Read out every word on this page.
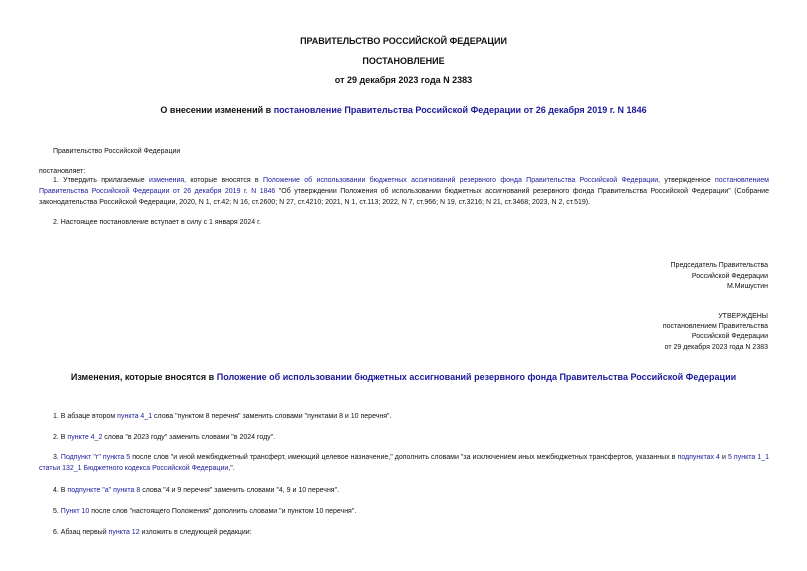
ПРАВИТЕЛЬСТВО РОССИЙСКОЙ ФЕДЕРАЦИИ
ПОСТАНОВЛЕНИЕ
от 29 декабря 2023 года N 2383
О внесении изменений в постановление Правительства Российской Федерации от 26 декабря 2019 г. N 1846
Правительство Российской Федерации
постановляет:
1. Утвердить прилагаемые изменения, которые вносятся в Положение об использовании бюджетных ассигнований резервного фонда Правительства Российской Федерации, утвержденное постановлением Правительства Российской Федерации от 26 декабря 2019 г. N 1846 "Об утверждении Положения об использовании бюджетных ассигнований резервного фонда Правительства Российской Федерации" (Собрание законодательства Российской Федерации, 2020, N 1, ст.42; N 16, ст.2600; N 27, ст.4210; 2021, N 1, ст.113; 2022, N 7, ст.966; N 19, ст.3216; N 21, ст.3468; 2023, N 2, ст.519).
2. Настоящее постановление вступает в силу с 1 января 2024 г.
Председатель Правительства
Российской Федерации
М.Мишустин
УТВЕРЖДЕНЫ
постановлением Правительства
Российской Федерации
от 29 декабря 2023 года N 2383
Изменения, которые вносятся в Положение об использовании бюджетных ассигнований резервного фонда Правительства Российской Федерации
1. В абзаце втором пункта 4_1 слова "пунктом 8 перечня" заменить словами "пунктами 8 и 10 перечня".
2. В пункте 4_2 слова "в 2023 году" заменить словами "в 2024 году".
3. Подпункт "г" пункта 5 после слов "и иной межбюджетный трансферт, имеющий целевое назначение," дополнить словами "за исключением иных межбюджетных трансфертов, указанных в подпунктах 4 и 5 пункта 1_1 статьи 132_1 Бюджетного кодекса Российской Федерации,".
4. В подпункте "а" пункта 8 слова "4 и 9 перечня" заменить словами "4, 9 и 10 перечня".
5. Пункт 10 после слов "настоящего Положения" дополнить словами "и пунктом 10 перечня".
6. Абзац первый пункта 12 изложить в следующей редакции:
